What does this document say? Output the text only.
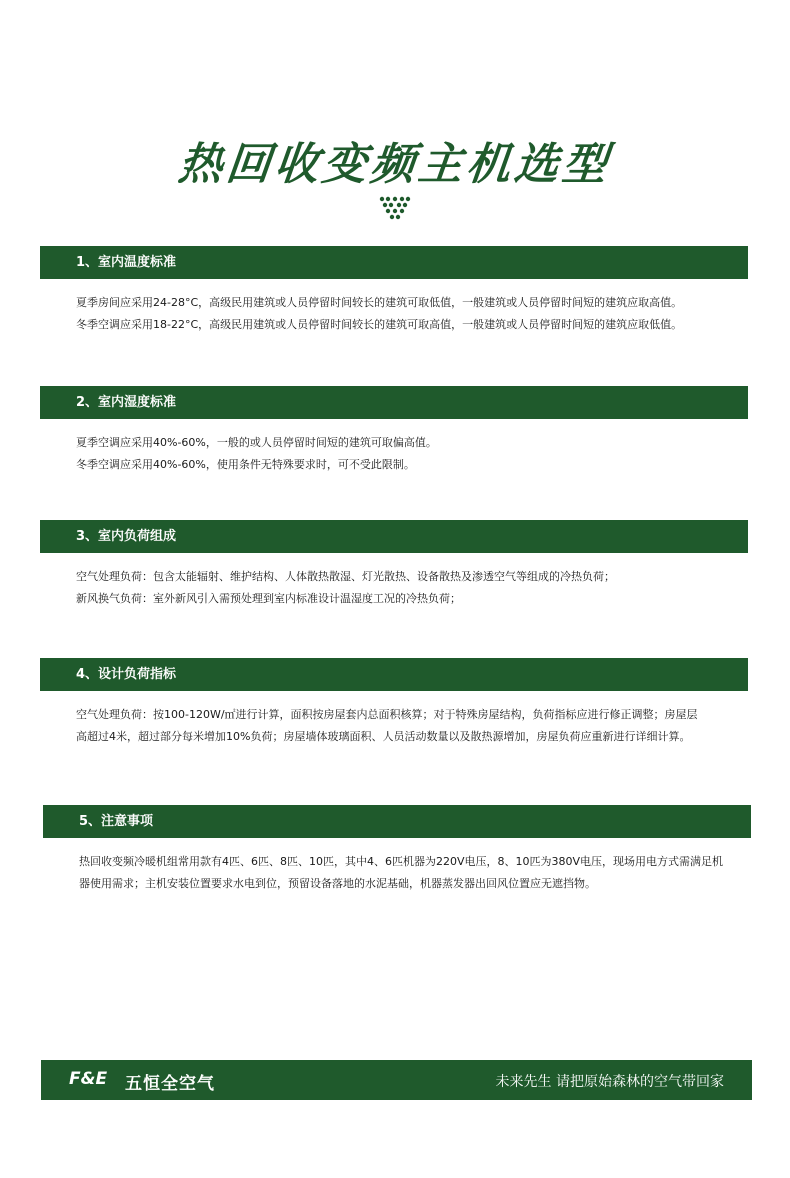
热回收变频主机选型
1、室内温度标准

夏季房间应采用24-28°C，高级民用建筑或人员停留时间较长的建筑可取低值，一般建筑或人员停留时间短的建筑应取高值。

冬季空调应采用18-22°C，高级民用建筑或人员停留时间较长的建筑可取高值，一般建筑或人员停留时间短的建筑应取低值。

2、室内湿度标准

夏季空调应采用40%-60%，一般的或人员停留时间短的建筑可取偏高值。

冬季空调应采用40%-60%，使用条件无特殊要求时，可不受此限制。

3、室内负荷组成

空气处理负荷：包含太能辐射、维护结构、人体散热散湿、灯光散热、设备散热及渗透空气等组成的冷热负荷；

新风换气负荷：室外新风引入需预处理到室内标准设计温湿度工况的冷热负荷；

4、设计负荷指标

空气处理负荷：按100-120W/㎡进行计算，面积按房屋套内总面积核算；对于特殊房屋结构，负荷指标应进行修正调整；房屋层

高超过4米，超过部分每米增加10%负荷；房屋墙体玻璃面积、人员活动数量以及散热源增加，房屋负荷应重新进行详细计算。

5、注意事项

热回收变频冷暖机组常用款有4匹、6匹、8匹、10匹，其中4、6匹机器为220V电压，8、10匹为380V电压，现场用电方式需满足机

器使用需求；主机安装位置要求水电到位，预留设备落地的水泥基础，机器蒸发器出回风位置应无遮挡物。

F&E 五恒全空气	未来先生 请把原始森林的空气带回家
